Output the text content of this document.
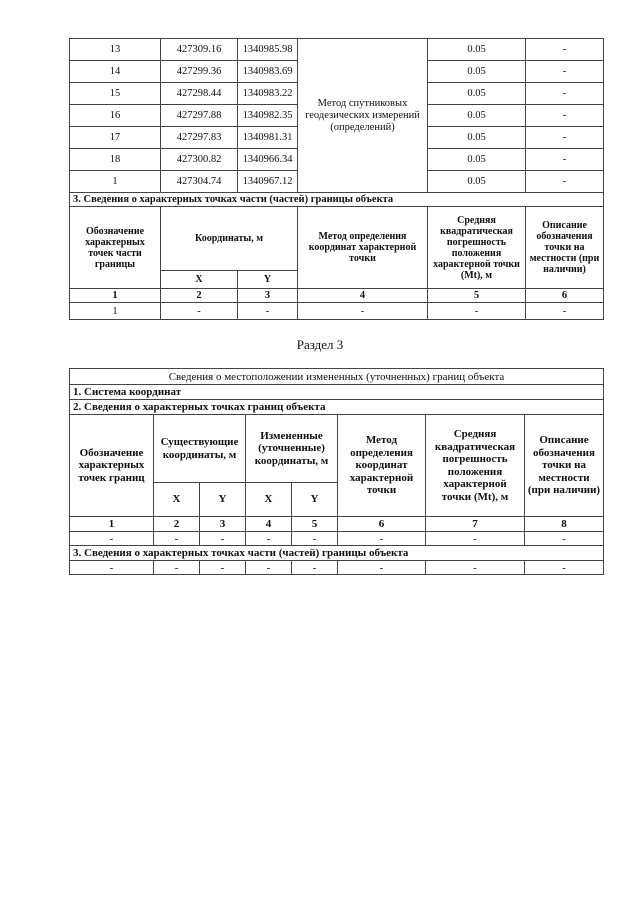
13	427309.16	1340985.98	Метод спутниковых геодезических измерений (определений)	0.05	-
14	427299.36	1340983.69		0.05	-
15	427298.44	1340983.22		0.05	-
16	427297.88	1340982.35		0.05	-
17	427297.83	1340981.31		0.05	-
18	427300.82	1340966.34		0.05	-
1	427304.74	1340967.12		0.05	-
3. Сведения о характерных точках части (частей) границы объекта					
Обозначение характерных точек части границы	Координаты, м		Метод определения координат характерной точки	Средняя квадратическая погрешность положения характерной точки (Mt), м	Описание обозначения точки на местности (при наличии)
	X	Y			
1	2	3	4	5	6
1	-	-	-	-	-
Раздел 3
Сведения о местоположении измененных (уточненных) границ объекта							
1. Система координат							
2. Сведения о характерных точках границ объекта							
Обозначение характерных точек границ	Существующие координаты, м		Измененные (уточненные) координаты, м		Метод определения координат характерной точки	Средняя квадратическая погрешность положения характерной точки (Mt), м	Описание обозначения точки на местности (при наличии)
	X	Y	X	Y			
1	2	3	4	5	6	7	8
-	-	-	-	-	-	-	-
3. Сведения о характерных точках части (частей) границы объекта							
-	-	-	-	-	-	-	-
